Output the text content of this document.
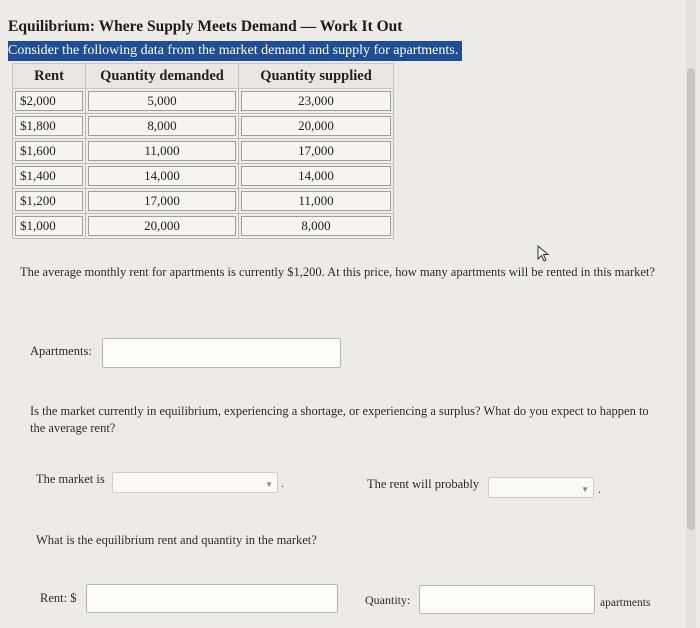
Equilibrium: Where Supply Meets Demand — Work It Out
Consider the following data from the market demand and supply for apartments.
Rent	Quantity demanded	Quantity supplied

$2,000	5,000	23,000

$1,800	8,000	20,000

$1,600	11,000	17,000

$1,400	14,000	14,000

$1,200	17,000	11,000

$1,000	20,000	8,000
The average monthly rent for apartments is currently $1,200. At this price, how many apartments will be rented in this market?
Apartments:
Is the market currently in equilibrium, experiencing a shortage, or experiencing a surplus? What do you expect to happen to the average rent?
The market is	▼ .	The rent will probably	▼ .
What is the equilibrium rent and quantity in the market?
Rent: $	Quantity:	apartments
